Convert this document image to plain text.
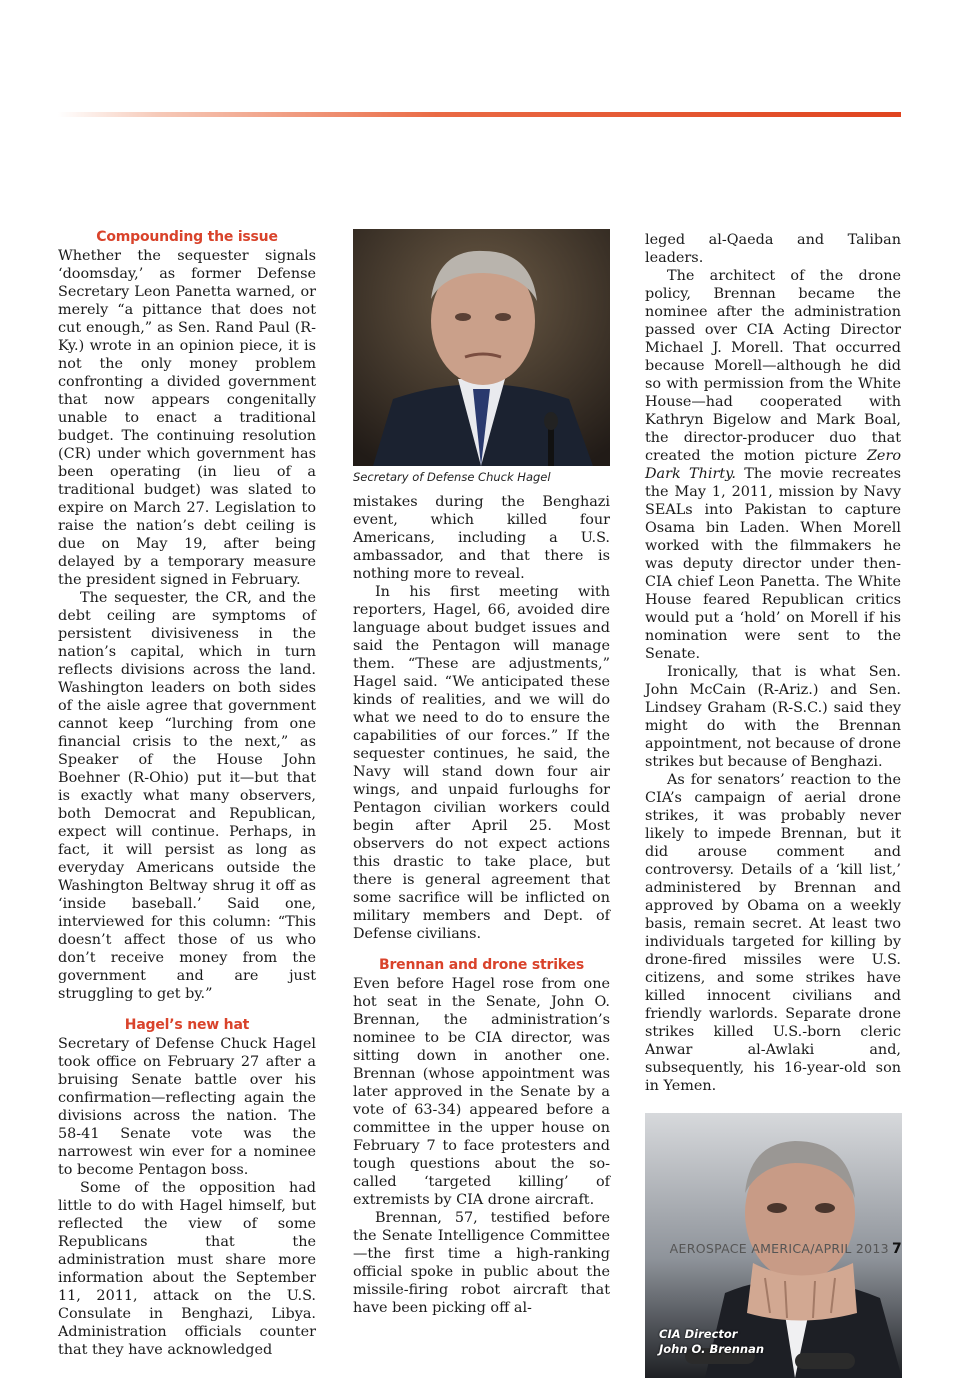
Compounding the issue

Whether the sequester signals ‘doomsday,’ as former Defense Secretary Leon Panetta warned, or merely “a pittance that does not cut enough,” as Sen. Rand Paul (R-Ky.) wrote in an opinion piece, it is not the only money problem confronting a divided government that now appears congenitally unable to enact a traditional budget. The continuing resolution (CR) under which government has been operating (in lieu of a traditional budget) was slated to expire on March 27. Legislation to raise the nation’s debt ceiling is due on May 19, after being delayed by a temporary measure the president signed in February.

The sequester, the CR, and the debt ceiling are symptoms of persistent divisiveness in the nation’s capital, which in turn reflects divisions across the land. Washington leaders on both sides of the aisle agree that government cannot keep “lurching from one financial crisis to the next,” as Speaker of the House John Boehner (R-Ohio) put it—but that is exactly what many observers, both Democrat and Republican, expect will continue. Perhaps, in fact, it will persist as long as everyday Americans outside the Washington Beltway shrug it off as ‘inside baseball.’ Said one, interviewed for this column: “This doesn’t affect those of us who don’t receive money from the government and are just struggling to get by.”

Hagel’s new hat

Secretary of Defense Chuck Hagel took office on February 27 after a bruising Senate battle over his confirmation—reflecting again the divisions across the nation. The 58-41 Senate vote was the narrowest win ever for a nominee to become Pentagon boss.

Some of the opposition had little to do with Hagel himself, but reflected the view of some Republicans that the administration must share more information about the September 11, 2011, attack on the U.S. Consulate in Benghazi, Libya. Administration officials counter that they have acknowledged

Secretary of Defense Chuck Hagel

mistakes during the Benghazi event, which killed four Americans, including a U.S. ambassador, and that there is nothing more to reveal.

In his first meeting with reporters, Hagel, 66, avoided dire language about budget issues and said the Pentagon will manage them. “These are adjustments,” Hagel said. “We anticipated these kinds of realities, and we will do what we need to do to ensure the capabilities of our forces.” If the sequester continues, he said, the Navy will stand down four air wings, and unpaid furloughs for Pentagon civilian workers could begin after April 25. Most observers do not expect actions this drastic to take place, but there is general agreement that some sacrifice will be inflicted on military members and Dept. of Defense civilians.

Brennan and drone strikes

Even before Hagel rose from one hot seat in the Senate, John O. Brennan, the administration’s nominee to be CIA director, was sitting down in another one. Brennan (whose appointment was later approved in the Senate by a vote of 63-34) appeared before a committee in the upper house on February 7 to face protesters and tough questions about the so-called ‘targeted killing’ of extremists by CIA drone aircraft.

Brennan, 57, testified before the Senate Intelligence Committee—the first time a high-ranking official spoke in public about the missile-firing robot aircraft that have been picking off al-

leged al-Qaeda and Taliban leaders.

The architect of the drone policy, Brennan became the nominee after the administration passed over CIA Acting Director Michael J. Morell. That occurred because Morell—although he did so with permission from the White House—had cooperated with Kathryn Bigelow and Mark Boal, the director-producer duo that created the motion picture Zero Dark Thirty. The movie recreates the May 1, 2011, mission by Navy SEALs into Pakistan to capture Osama bin Laden. When Morell worked with the filmmakers he was deputy director under then-CIA chief Leon Panetta. The White House feared Republican critics would put a ‘hold’ on Morell if his nomination were sent to the Senate.

Ironically, that is what Sen. John McCain (R-Ariz.) and Sen. Lindsey Graham (R-S.C.) said they might do with the Brennan appointment, not because of drone strikes but because of Benghazi.

As for senators’ reaction to the CIA’s campaign of aerial drone strikes, it was probably never likely to impede Brennan, but it did arouse comment and controversy. Details of a ‘kill list,’ administered by Brennan and approved by Obama on a weekly basis, remain secret. At least two individuals targeted for killing by drone-fired missiles were U.S. citizens, and some strikes have killed innocent civilians and friendly warlords. Separate drone strikes killed U.S.-born cleric Anwar al-Awlaki and, subsequently, his 16-year-old son in Yemen.

CIA Director
John O. Brennan
AEROSPACE AMERICA/APRIL 2013 7
